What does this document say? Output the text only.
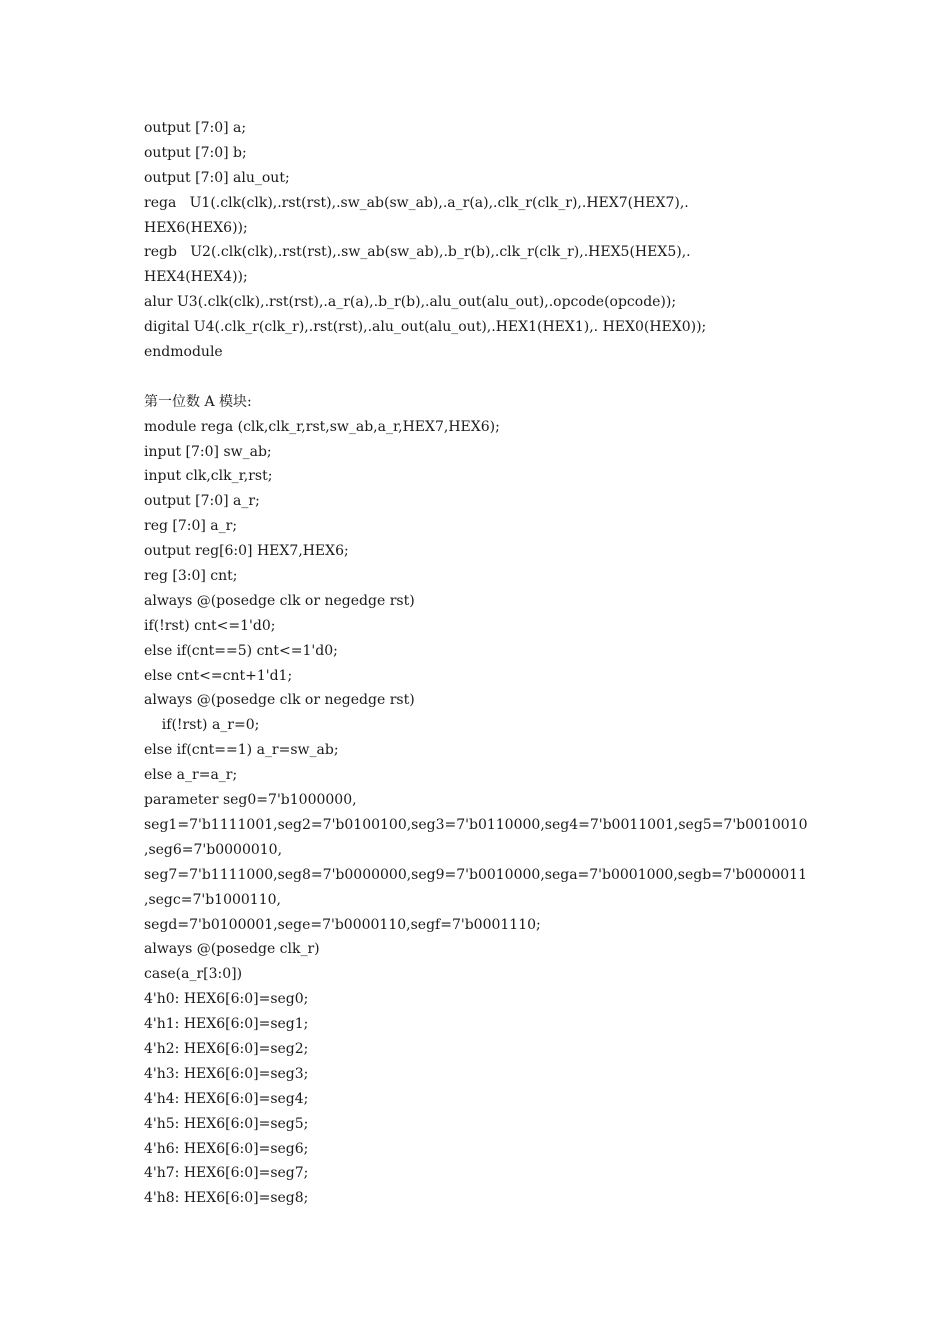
output [7:0] a;
output [7:0] b;
output [7:0] alu_out;
rega   U1(.clk(clk),.rst(rst),.sw_ab(sw_ab),.a_r(a),.clk_r(clk_r),.HEX7(HEX7),.
HEX6(HEX6));
regb   U2(.clk(clk),.rst(rst),.sw_ab(sw_ab),.b_r(b),.clk_r(clk_r),.HEX5(HEX5),.
HEX4(HEX4));
alur U3(.clk(clk),.rst(rst),.a_r(a),.b_r(b),.alu_out(alu_out),.opcode(opcode));
digital U4(.clk_r(clk_r),.rst(rst),.alu_out(alu_out),.HEX1(HEX1),. HEX0(HEX0));
endmodule
第一位数 A 模块:
module rega (clk,clk_r,rst,sw_ab,a_r,HEX7,HEX6);
input [7:0] sw_ab;
input clk,clk_r,rst;
output [7:0] a_r;
reg [7:0] a_r;
output reg[6:0] HEX7,HEX6;
reg [3:0] cnt;
always @(posedge clk or negedge rst)
if(!rst) cnt<=1'd0;
else if(cnt==5) cnt<=1'd0;
else cnt<=cnt+1'd1;
always @(posedge clk or negedge rst)
if(!rst) a_r=0;
else if(cnt==1) a_r=sw_ab;
else a_r=a_r;
parameter seg0=7'b1000000,
seg1=7'b1111001,seg2=7'b0100100,seg3=7'b0110000,seg4=7'b0011001,seg5=7'b0010010
,seg6=7'b0000010,
seg7=7'b1111000,seg8=7'b0000000,seg9=7'b0010000,sega=7'b0001000,segb=7'b0000011
,segc=7'b1000110,
segd=7'b0100001,sege=7'b0000110,segf=7'b0001110;
always @(posedge clk_r)
case(a_r[3:0])
4'h0: HEX6[6:0]=seg0;
4'h1: HEX6[6:0]=seg1;
4'h2: HEX6[6:0]=seg2;
4'h3: HEX6[6:0]=seg3;
4'h4: HEX6[6:0]=seg4;
4'h5: HEX6[6:0]=seg5;
4'h6: HEX6[6:0]=seg6;
4'h7: HEX6[6:0]=seg7;
4'h8: HEX6[6:0]=seg8;
